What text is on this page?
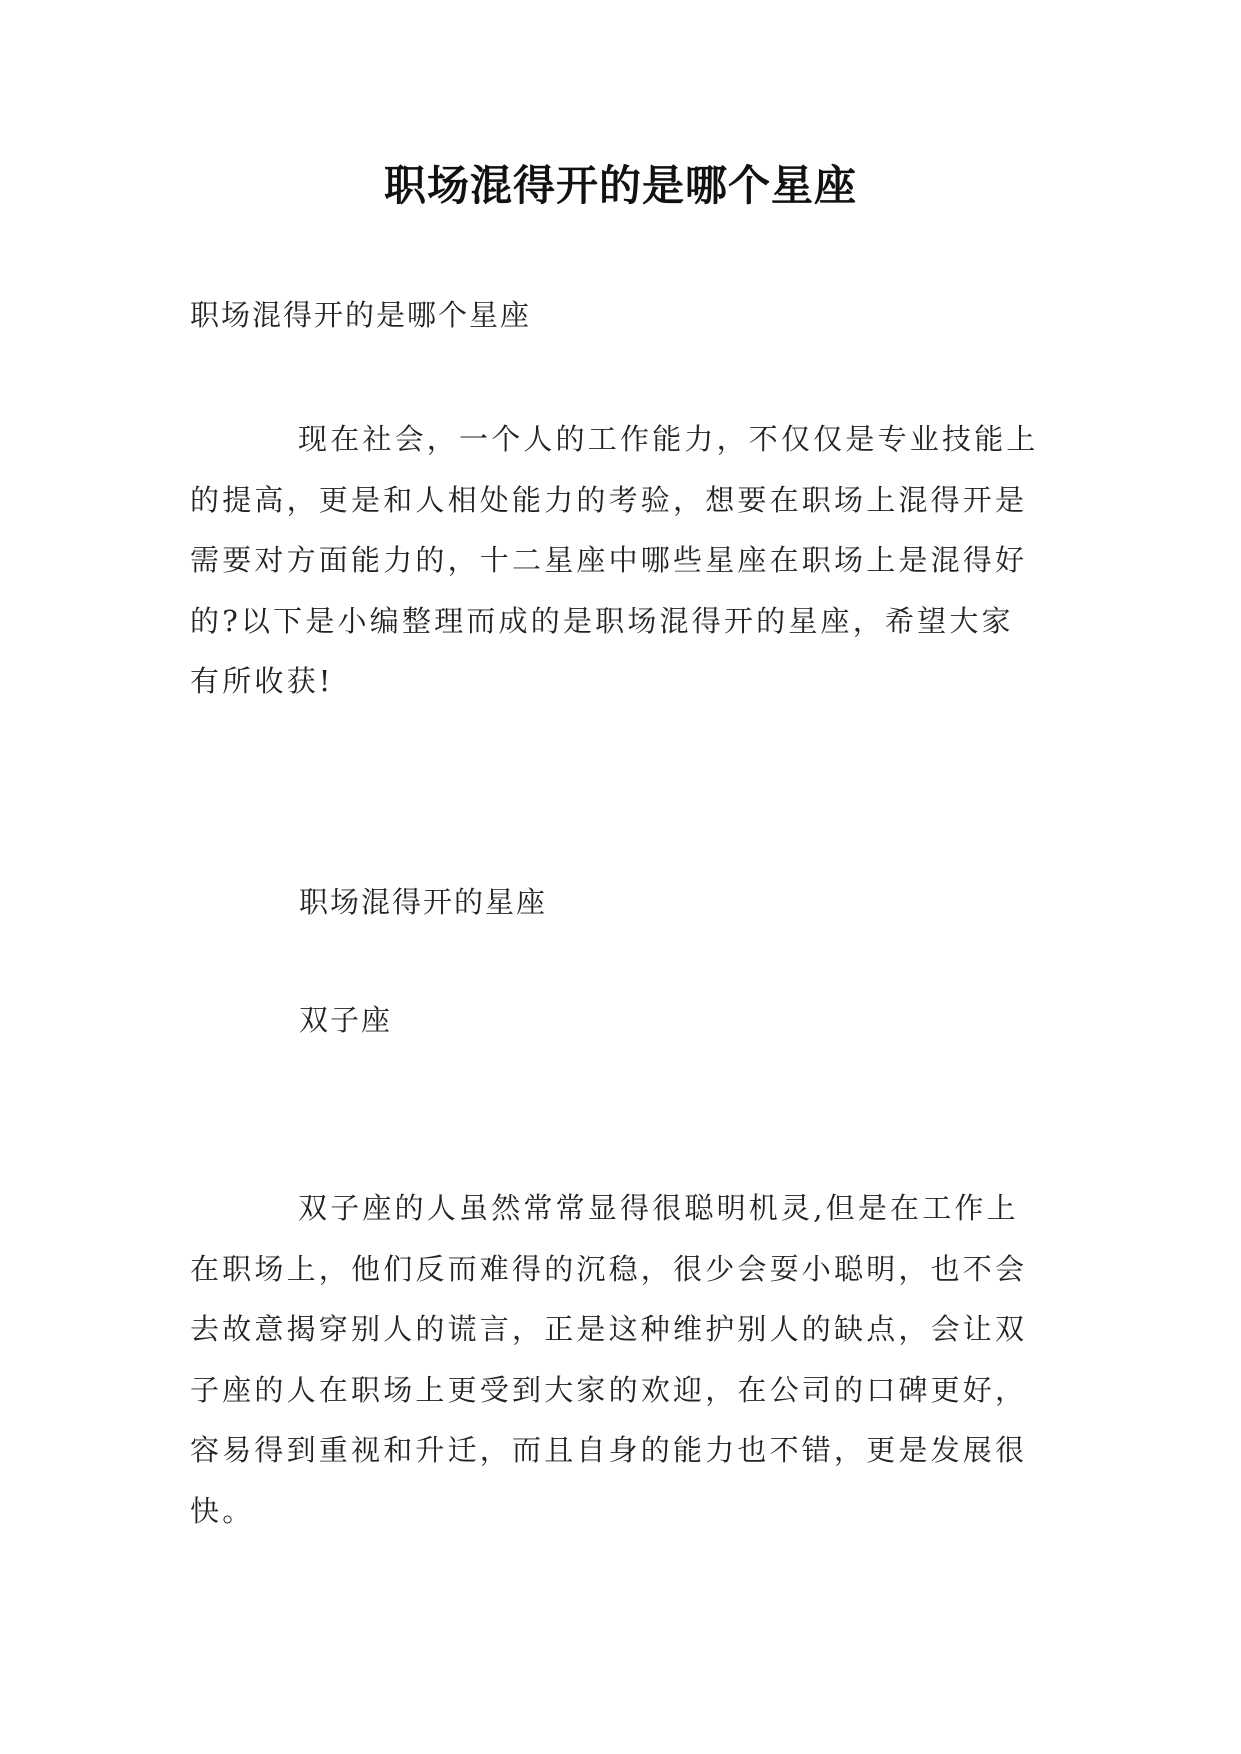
职场混得开的是哪个星座
职场混得开的是哪个星座

现在社会，一个人的工作能力，不仅仅是专业技能上
的提高，更是和人相处能力的考验，想要在职场上混得开是
需要对方面能力的，十二星座中哪些星座在职场上是混得好
的?以下是小编整理而成的是职场混得开的星座，希望大家
有所收获!

职场混得开的星座
双子座

双子座的人虽然常常显得很聪明机灵,但是在工作上
在职场上，他们反而难得的沉稳，很少会耍小聪明，也不会
去故意揭穿别人的谎言，正是这种维护别人的缺点，会让双
子座的人在职场上更受到大家的欢迎，在公司的口碑更好，
容易得到重视和升迁，而且自身的能力也不错，更是发展很
快。
